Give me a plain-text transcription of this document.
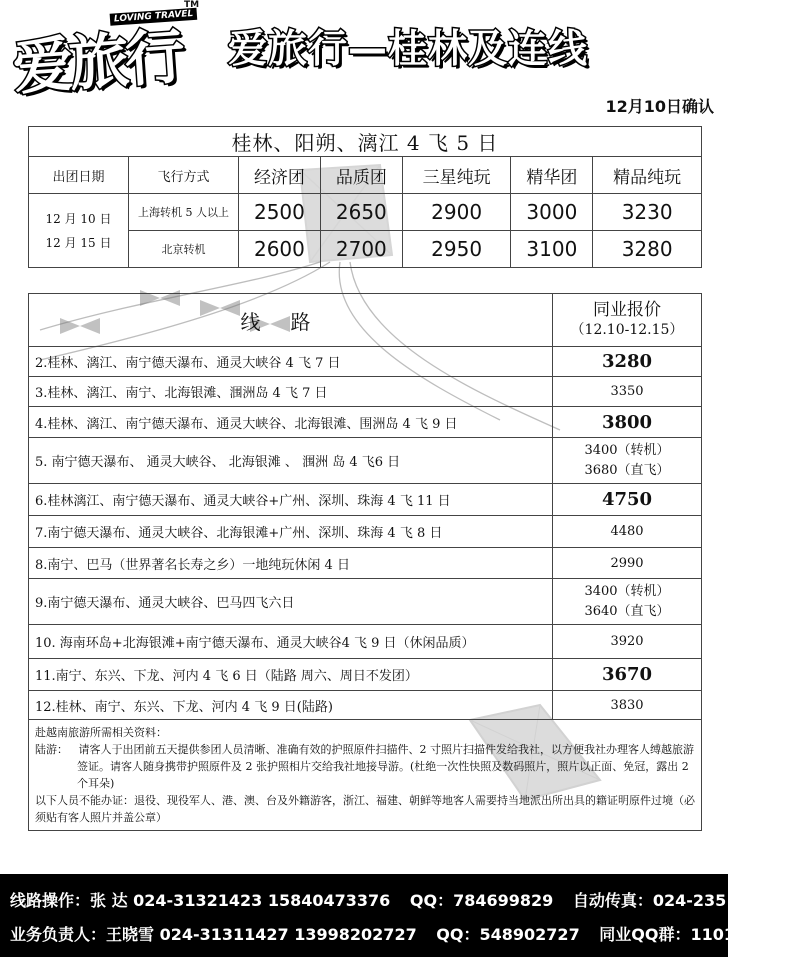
爱旅行
LOVING TRAVEL
TM
爱旅行—桂林及连线
12月10日确认
桂林、阳朔、漓江 4 飞 5 日						
出团日期	飞行方式	经济团	品质团	三星纯玩	精华团	精品纯玩

12 月 10 日
12 月 15 日	上海转机 5 人以上	2500	2650	2900	3000	3230
	北京转机	2600	2700	2950	3100	3280
线路	同业报价
（12.10-12.15）

2.桂林、漓江、南宁德天瀑布、通灵大峡谷 4 飞 7 日	3280
3.桂林、漓江、南宁、北海银滩、涠洲岛 4 飞 7 日	3350
4.桂林、漓江、南宁德天瀑布、通灵大峡谷、北海银滩、围洲岛 4 飞 9 日	3800
5. 南宁德天瀑布、 通灵大峡谷、 北海银滩 、 涠洲 岛 4 飞6 日	3400（转机）
3680（直飞）

6.桂林漓江、南宁德天瀑布、通灵大峡谷+广州、深圳、珠海 4 飞 11 日	4750
7.南宁德天瀑布、通灵大峡谷、北海银滩+广州、深圳、珠海 4 飞 8 日	4480
8.南宁、巴马（世界著名长寿之乡）一地纯玩休闲 4 日	2990
9.南宁德天瀑布、通灵大峡谷、巴马四飞六日	3400（转机）
3640（直飞）

10. 海南环岛+北海银滩+南宁德天瀑布、通灵大峡谷4 飞 9 日（休闲品质）	3920
11.南宁、东兴、下龙、河内 4 飞 6 日（陆路 周六、周日不发团）	3670
12.桂林、南宁、东兴、下龙、河内 4 飞 9 日(陆路)	3830

赴越南旅游所需相关资料：
陆游： 请客人于出团前五天提供参团人员清晰、准确有效的护照原件扫描件、2 寸照片扫描件发给我社，以方便我社办理客人缚越旅游签证。请客人随身携带护照原件及 2 张护照相片交给我社地接导游。(杜绝一次性快照及数码照片，照片以正面、免冠，露出 2 个耳朵)
以下人员不能办证：退役、现役军人、港、澳、台及外籍游客，浙江、福建、朝鲜等地客人需要持当地派出所出具的籍证明原件过境（必须贴有客人照片并盖公章）	
线路操作：张 达 024-31321423 15840473376 QQ：784699829 自动传真：024-23511772
业务负责人：王晓雪 024-31311427 13998202727 QQ：548902727 同业QQ群：110160420
